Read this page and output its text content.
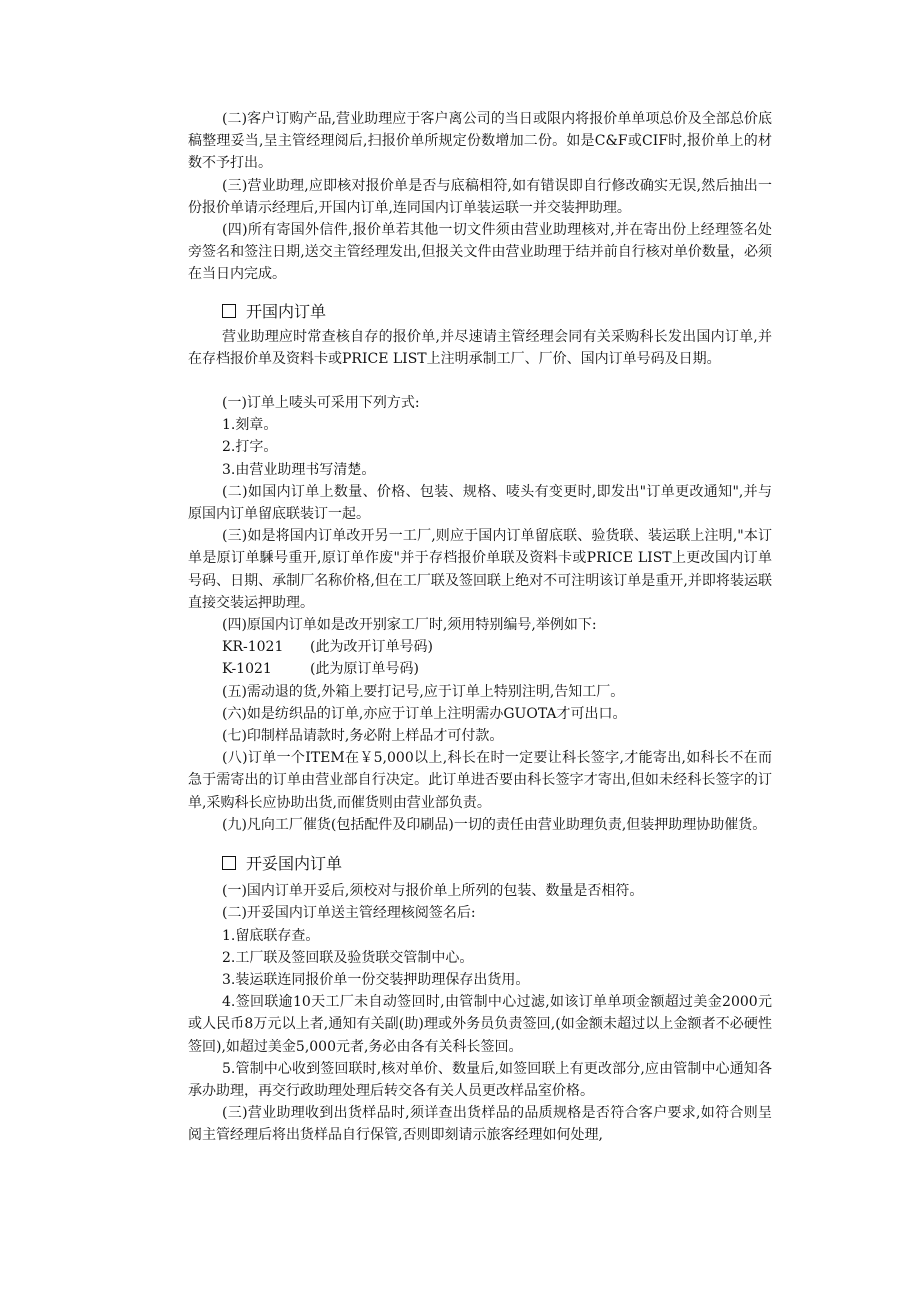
(二)客户订购产品,营业助理应于客户离公司的当日或限内将报价单单项总价及全部总价底稿整理妥当,呈主管经理阅后,扫报价单所规定份数增加二份。如是C&F或CIF时,报价单上的材数不予打出。

(三)营业助理,应即核对报价单是否与底稿相符,如有错误即自行修改确实无误,然后抽出一份报价单请示经理后,开国内订单,连同国内订单装运联一并交装押助理。

(四)所有寄国外信件,报价单若其他一切文件须由营业助理核对,并在寄出份上经理签名处旁签名和签注日期,送交主管经理发出,但报关文件由营业助理于结并前自行核对单价数量，必须在当日内完成。

开国内订单

营业助理应时常查核自存的报价单,并尽速请主管经理会同有关采购科长发出国内订单,并在存档报价单及资料卡或PRICE LIST上注明承制工厂、厂价、国内订单号码及日期。

(一)订单上唛头可采用下列方式:

1.刻章。

2.打字。

3.由营业助理书写清楚。

(二)如国内订单上数量、价格、包装、规格、唛头有变更时,即发出"订单更改通知",并与原国内订单留底联装订一起。

(三)如是将国内订单改开另一工厂,则应于国内订单留底联、验货联、装运联上注明,"本订单是原订单騬号重开,原订单作废"并于存档报价单联及资料卡或PRICE LIST上更改国内订单号码、日期、承制厂名称价格,但在工厂联及签回联上绝对不可注明该订单是重开,并即将装运联直接交装运押助理。

(四)原国内订单如是改开别家工厂时,须用特别编号,举例如下:

KR-1021 (此为改开订单号码)

K-1021	(此为原订单号码)

(五)需动退的货,外箱上要打记号,应于订单上特别注明,告知工厂。

(六)如是纺织品的订单,亦应于订单上注明需办GUOTA才可出口。

(七)印制样品请款时,务必附上样品才可付款。

(八)订单一个ITEM在￥5,000以上,科长在时一定要让科长签字,才能寄出,如科长不在而急于需寄出的订单由营业部自行决定。此订单进否要由科长签字才寄出,但如未经科长签字的订单,采购科长应协助出货,而催货则由营业部负责。

(九)凡向工厂催货(包括配件及印刷品)一切的责任由营业助理负责,但装押助理协助催货。

开妥国内订单

(一)国内订单开妥后,须校对与报价单上所列的包装、数量是否相符。

(二)开妥国内订单送主管经理核阅签名后:

1.留底联存查。

2.工厂联及签回联及验货联交管制中心。

3.装运联连同报价单一份交装押助理保存出货用。

4.签回联逾10天工厂未自动签回时,由管制中心过滤,如该订单单项金额超过美金2000元或人民币8万元以上者,通知有关副(助)理或外务员负责签回,(如金额未超过以上金额者不必硬性签回),如超过美金5,000元者,务必由各有关科长签回。

5.管制中心收到签回联时,核对单价、数量后,如签回联上有更改部分,应由管制中心通知各承办助理，再交行政助理处理后转交各有关人员更改样品室价格。

(三)营业助理收到出货样品时,须详查出货样品的品质规格是否符合客户要求,如符合则呈阅主管经理后将出货样品自行保管,否则即刻请示旅客经理如何处理,
